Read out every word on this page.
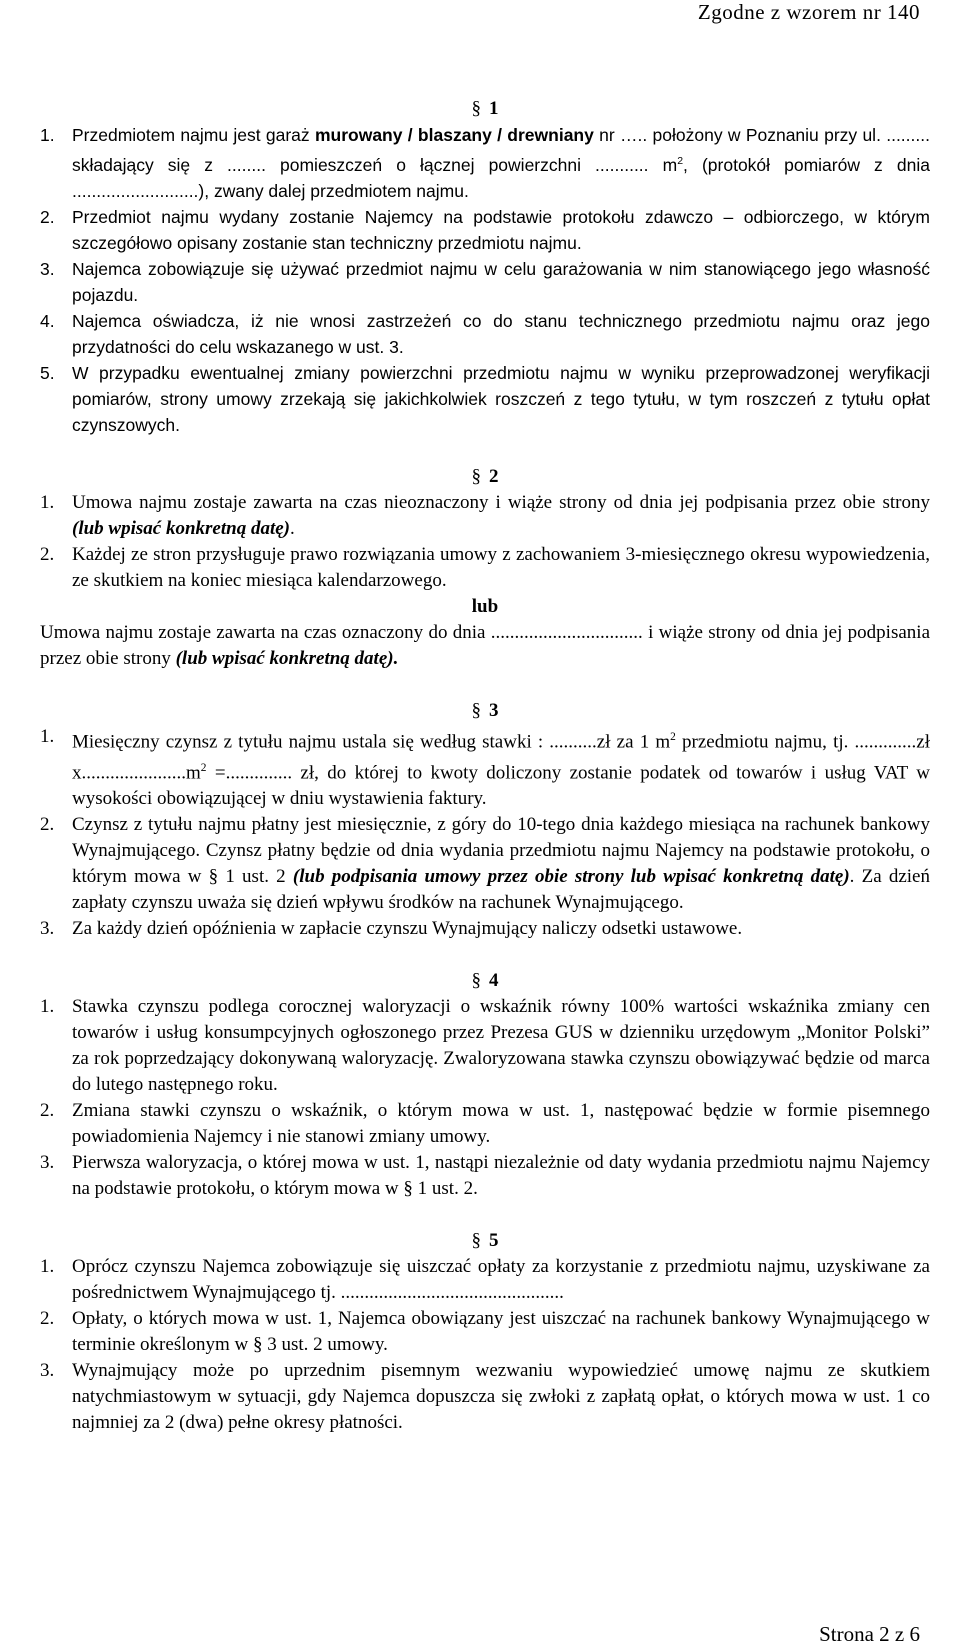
Zgodne z wzorem nr 140
§ 1
1. Przedmiotem najmu jest garaż murowany / blaszany / drewniany nr ….. położony w Poznaniu przy ul. ......... składający się z ........ pomieszczeń o łącznej powierzchni ........... $m^2$, (protokół pomiarów z dnia ..........................), zwany dalej przedmiotem najmu.
2. Przedmiot najmu wydany zostanie Najemcy na podstawie protokołu zdawczo – odbiorczego, w którym szczegółowo opisany zostanie stan techniczny przedmiotu najmu.
3. Najemca zobowiązuje się używać przedmiot najmu w celu garażowania w nim stanowiącego jego własność pojazdu.
4. Najemca oświadcza, iż nie wnosi zastrzeżeń co do stanu technicznego przedmiotu najmu oraz jego przydatności do celu wskazanego w ust. 3.
5. W przypadku ewentualnej zmiany powierzchni przedmiotu najmu w wyniku przeprowadzonej weryfikacji pomiarów, strony umowy zrzekają się jakichkolwiek roszczeń z tego tytułu, w tym roszczeń z tytułu opłat czynszowych.
§ 2
1. Umowa najmu zostaje zawarta na czas nieoznaczony i wiąże strony od dnia jej podpisania przez obie strony (lub wpisać konkretną datę).
2. Każdej ze stron przysługuje prawo rozwiązania umowy z zachowaniem 3-miesięcznego okresu wypowiedzenia, ze skutkiem na koniec miesiąca kalendarzowego.
lub
Umowa najmu zostaje zawarta na czas oznaczony do dnia ................................ i wiąże strony od dnia jej podpisania przez obie strony (lub wpisać konkretną datę).
§ 3
1. Miesięczny czynsz z tytułu najmu ustala się według stawki : ..........zł za 1 $m^2$ przedmiotu najmu, tj. .............zł $x......................m^2$ =.............. zł, do której to kwoty doliczony zostanie podatek od towarów i usług VAT w wysokości obowiązującej w dniu wystawienia faktury.
2. Czynsz z tytułu najmu płatny jest miesięcznie, z góry do 10-tego dnia każdego miesiąca na rachunek bankowy Wynajmującego. Czynsz płatny będzie od dnia wydania przedmiotu najmu Najemcy na podstawie protokołu, o którym mowa w § 1 ust. 2 (lub podpisania umowy przez obie strony lub wpisać konkretną datę). Za dzień zapłaty czynszu uważa się dzień wpływu środków na rachunek Wynajmującego.
3. Za każdy dzień opóźnienia w zapłacie czynszu Wynajmujący naliczy odsetki ustawowe.
§ 4
1. Stawka czynszu podlega corocznej waloryzacji o wskaźnik równy 100% wartości wskaźnika zmiany cen towarów i usług konsumpcyjnych ogłoszonego przez Prezesa GUS w dzienniku urzędowym „Monitor Polski” za rok poprzedzający dokonywaną waloryzację. Zwaloryzowana stawka czynszu obowiązywać będzie od marca do lutego następnego roku.
2. Zmiana stawki czynszu o wskaźnik, o którym mowa w ust. 1, następować będzie w formie pisemnego powiadomienia Najemcy i nie stanowi zmiany umowy.
3. Pierwsza waloryzacja, o której mowa w ust. 1, nastąpi niezależnie od daty wydania przedmiotu najmu Najemcy na podstawie protokołu, o którym mowa w § 1 ust. 2.
§ 5
1. Oprócz czynszu Najemca zobowiązuje się uiszczać opłaty za korzystanie z przedmiotu najmu, uzyskiwane za pośrednictwem Wynajmującego tj. ...............................................
2. Opłaty, o których mowa w ust. 1, Najemca obowiązany jest uiszczać na rachunek bankowy Wynajmującego w terminie określonym w § 3 ust. 2 umowy.
3. Wynajmujący może po uprzednim pisemnym wezwaniu wypowiedzieć umowę najmu ze skutkiem natychmiastowym w sytuacji, gdy Najemca dopuszcza się zwłoki z zapłatą opłat, o których mowa w ust. 1 co najmniej za 2 (dwa) pełne okresy płatności.
Strona 2 z 6
